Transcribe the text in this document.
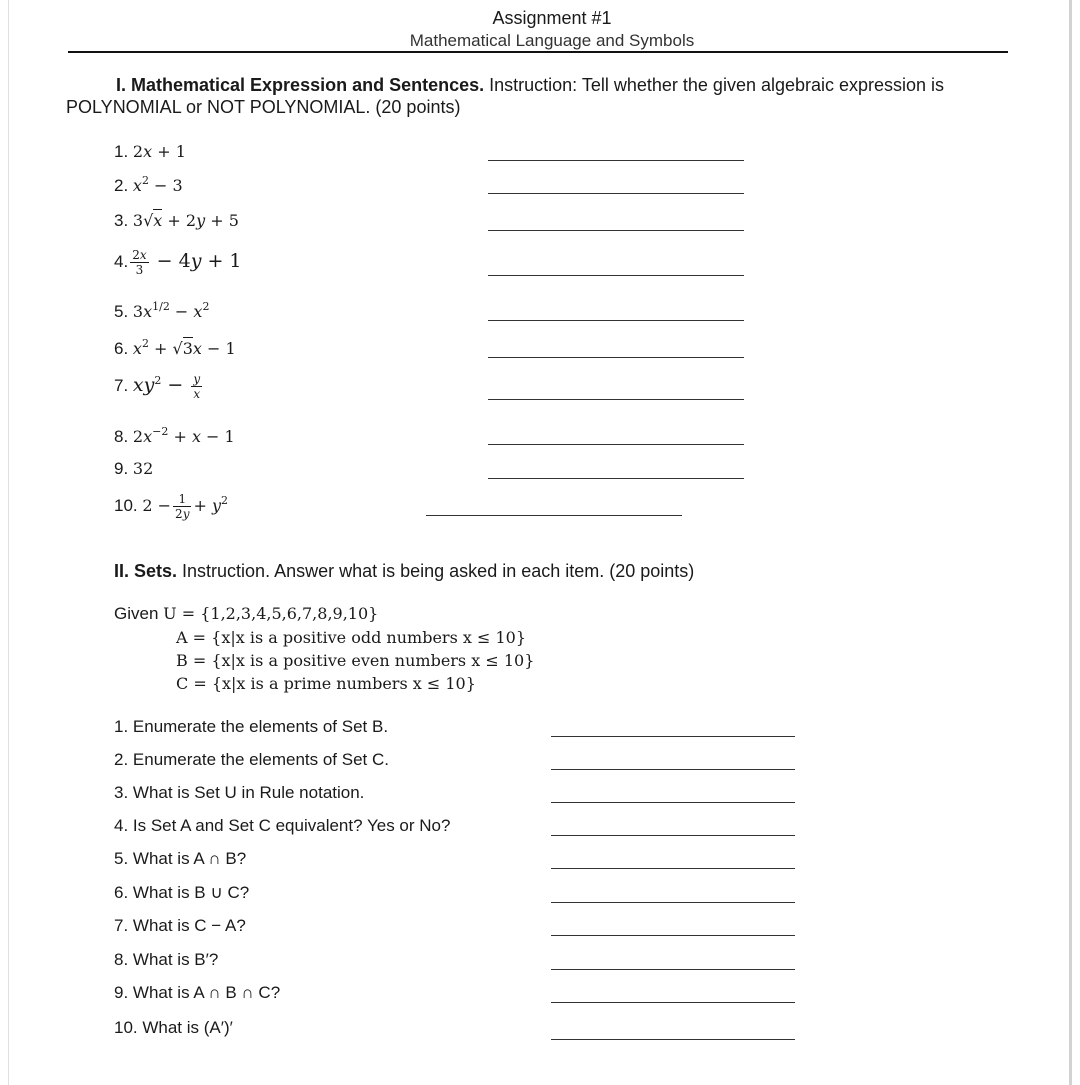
Assignment #1
Mathematical Language and Symbols
I. Mathematical Expression and Sentences. Instruction: Tell whether the given algebraic expression is POLYNOMIAL or NOT POLYNOMIAL. (20 points)
1. 2x + 1
2. $x^2 - 3$
3. 3√x + 2y + 5
4. $\frac{2x}{3} - 4y + 1$
5. $3x^{1/2} - x^2$
6. $x^2 + √3x - 1$
7. $xy^2 - \frac{y}{x}$
8. $2x^{-2} + x - 1$
9. 32
10. $2 - \frac{1}{2y} + y^2$
II. Sets. Instruction. Answer what is being asked in each item. (20 points)
Given U = {1,2,3,4,5,6,7,8,9,10}
A = {x|x is a positive odd numbers x ≤ 10}
B = {x|x is a positive even numbers x ≤ 10}
C = {x|x is a prime numbers x ≤ 10}
1. Enumerate the elements of Set B.
2. Enumerate the elements of Set C.
3. What is Set U in Rule notation.
4. Is Set A and Set C equivalent? Yes or No?
5. What is A ∩ B?
6. What is B ∪ C?
7. What is C − A?
8. What is B′?
9. What is A ∩ B ∩ C?
10. What is (A′)′
